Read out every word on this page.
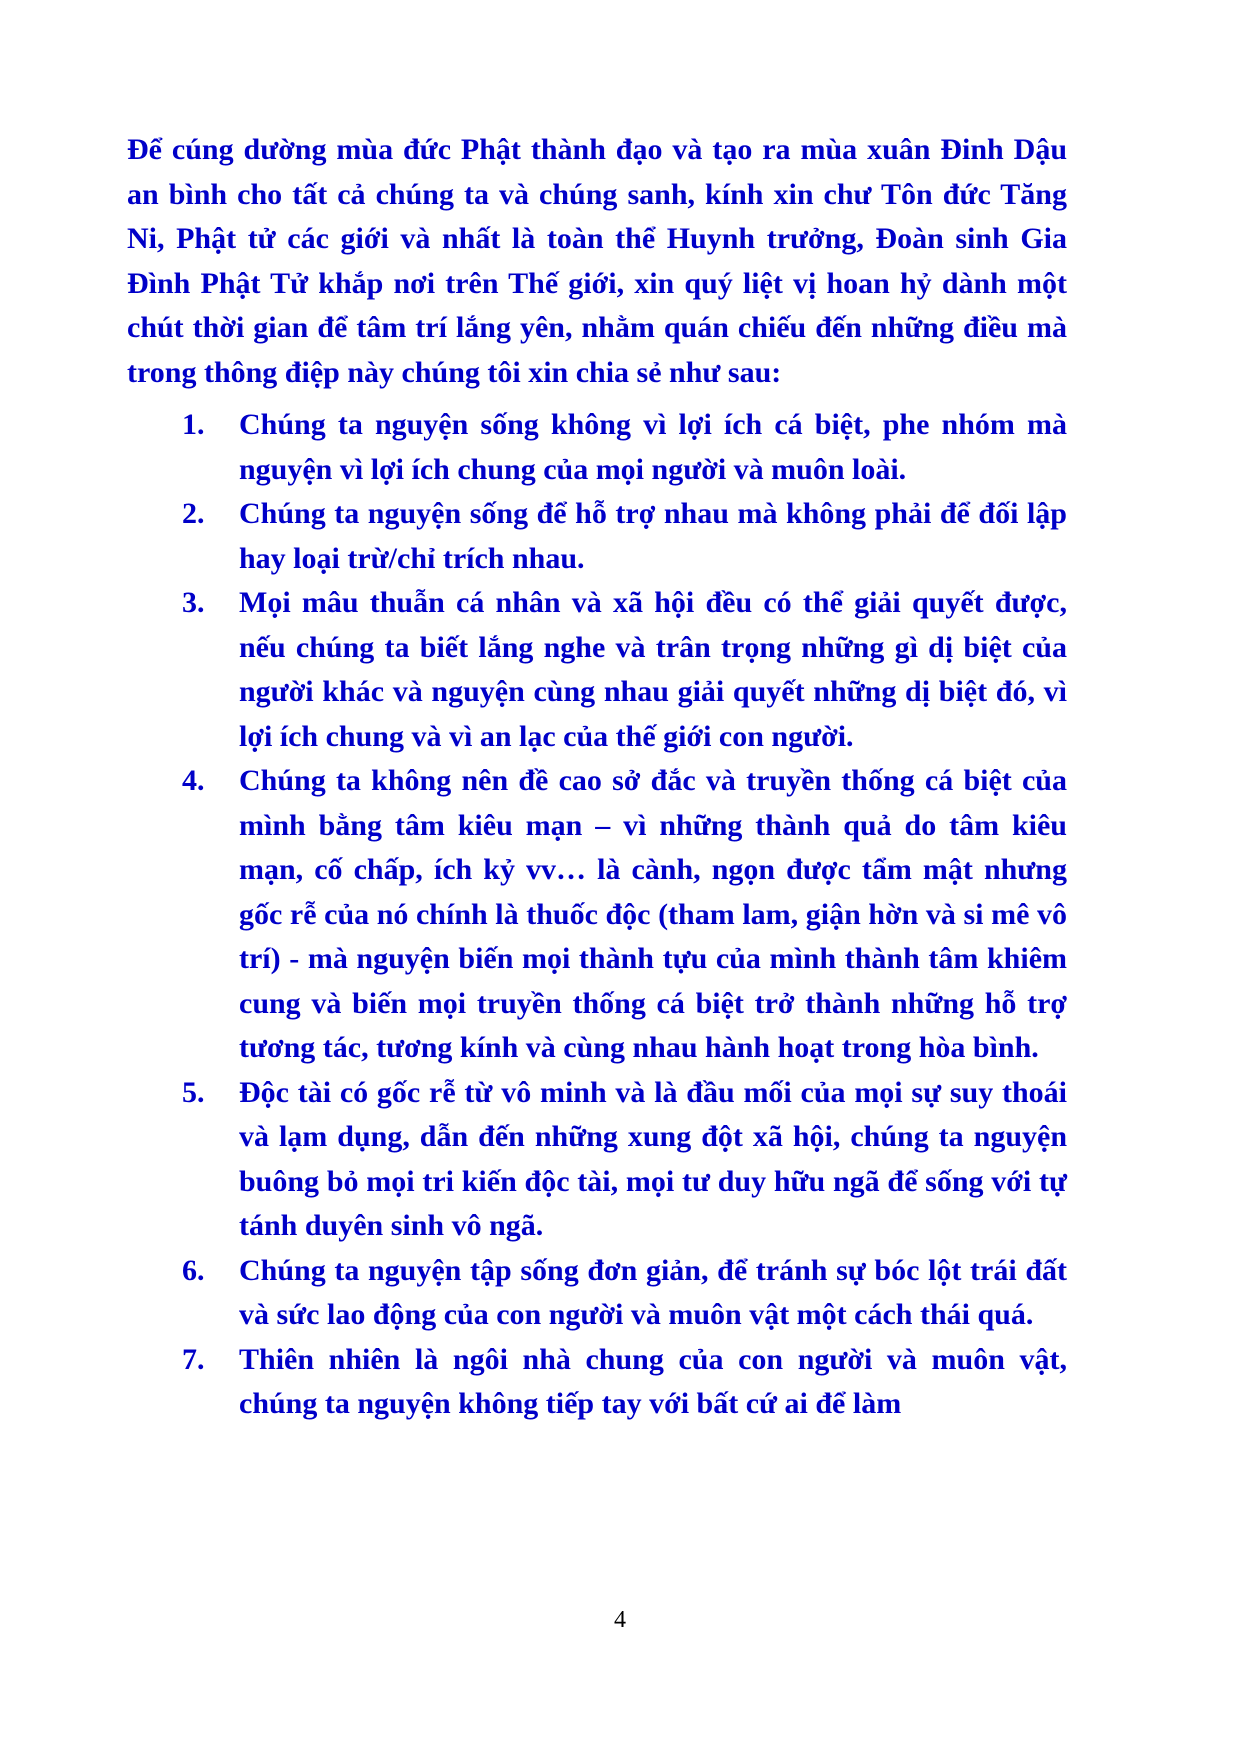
Để cúng dường mùa đức Phật thành đạo và tạo ra mùa xuân Đinh Dậu an bình cho tất cả chúng ta và chúng sanh, kính xin chư Tôn đức Tăng Ni, Phật tử các giới và nhất là toàn thể Huynh trưởng, Đoàn sinh Gia Đình Phật Tử khắp nơi trên Thế giới, xin quý liệt vị hoan hỷ dành một chút thời gian để tâm trí lắng yên, nhằm quán chiếu đến những điều mà trong thông điệp này chúng tôi xin chia sẻ như sau:

1. Chúng ta nguyện sống không vì lợi ích cá biệt, phe nhóm mà nguyện vì lợi ích chung của mọi người và muôn loài.
2. Chúng ta nguyện sống để hỗ trợ nhau mà không phải để đối lập hay loại trừ/chỉ trích nhau.
3. Mọi mâu thuẫn cá nhân và xã hội đều có thể giải quyết được, nếu chúng ta biết lắng nghe và trân trọng những gì dị biệt của người khác và nguyện cùng nhau giải quyết những dị biệt đó, vì lợi ích chung và vì an lạc của thế giới con người.
4. Chúng ta không nên đề cao sở đắc và truyền thống cá biệt của mình bằng tâm kiêu mạn – vì những thành quả do tâm kiêu mạn, cố chấp, ích kỷ vv… là cành, ngọn được tẩm mật nhưng gốc rễ của nó chính là thuốc độc (tham lam, giận hờn và si mê vô trí) - mà nguyện biến mọi thành tựu của mình thành tâm khiêm cung và biến mọi truyền thống cá biệt trở thành những hỗ trợ tương tác, tương kính và cùng nhau hành hoạt trong hòa bình.
5. Độc tài có gốc rễ từ vô minh và là đầu mối của mọi sự suy thoái và lạm dụng, dẫn đến những xung đột xã hội, chúng ta nguyện buông bỏ mọi tri kiến độc tài, mọi tư duy hữu ngã để sống với tự tánh duyên sinh vô ngã.
6. Chúng ta nguyện tập sống đơn giản, để tránh sự bóc lột trái đất và sức lao động của con người và muôn vật một cách thái quá.
7. Thiên nhiên là ngôi nhà chung của con người và muôn vật, chúng ta nguyện không tiếp tay với bất cứ ai để làm
4
